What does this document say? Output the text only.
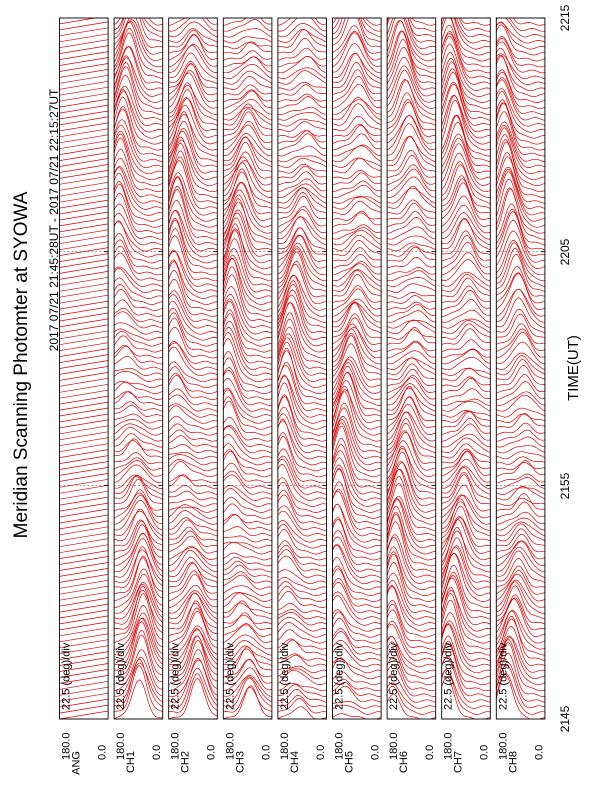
Meridian Scanning Photomter at SYOWA 2017 07/21 21:45:28UT - 2017 07/21 22:15:27UT
TIME(UT)
2145
2155
2205
2215
22.5 (deg)/div
ANG
180.0 0.0
22.5 (deg)/div
CH1
180.0 0.0
22.5 (deg)/div
CH2
180.0 0.0
22.5 (deg)/div
CH3
180.0 0.0
22.5 (deg)/div
CH4
180.0 0.0
22.5 (deg)/div
CH5
180.0 0.0
22.5 (deg)/div
CH6
180.0 0.0
22.5 (deg)/div
CH7
180.0 0.0
22.5 (deg)/div
CH8
180.0 0.0
